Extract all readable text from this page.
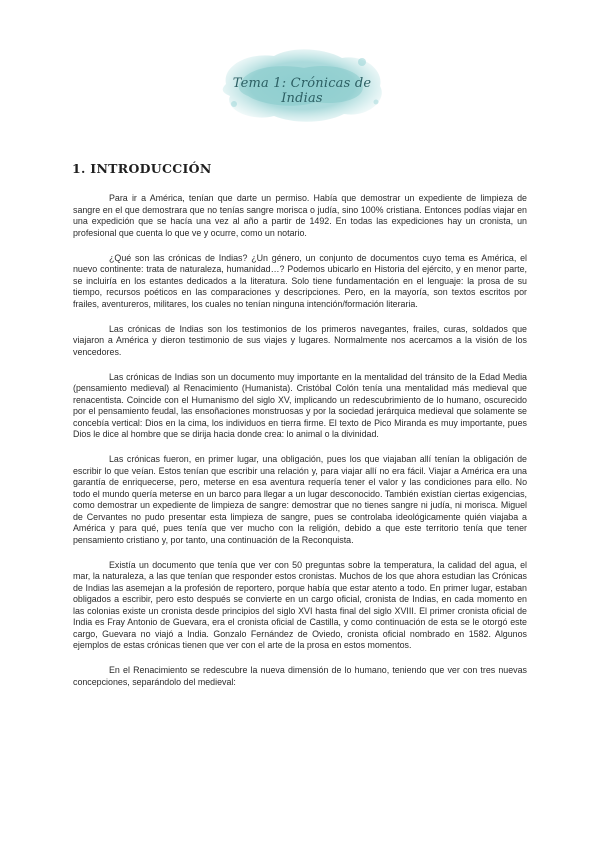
Tema 1: Crónicas de Indias
1. INTRODUCCIÓN

Para ir a América, tenían que darte un permiso. Había que demostrar un expediente de limpieza de sangre en el que demostrara que no tenías sangre morisca o judía, sino 100% cristiana. Entonces podías viajar en una expedición que se hacía una vez al año a partir de 1492. En todas las expediciones hay un cronista, un profesional que cuenta lo que ve y ocurre, como un notario.

¿Qué son las crónicas de Indias? ¿Un género, un conjunto de documentos cuyo tema es América, el nuevo continente: trata de naturaleza, humanidad…? Podemos ubicarlo en Historia del ejército, y en menor parte, se incluiría en los estantes dedicados a la literatura. Solo tiene fundamentación en el lenguaje: la prosa de su tiempo, recursos poéticos en las comparaciones y descripciones. Pero, en la mayoría, son textos escritos por frailes, aventureros, militares, los cuales no tenían ninguna intención/formación literaria.

Las crónicas de Indias son los testimonios de los primeros navegantes, frailes, curas, soldados que viajaron a América y dieron testimonio de sus viajes y lugares. Normalmente nos acercamos a la visión de los vencedores.

Las crónicas de Indias son un documento muy importante en la mentalidad del tránsito de la Edad Media (pensamiento medieval) al Renacimiento (Humanista). Cristóbal Colón tenía una mentalidad más medieval que renacentista. Coincide con el Humanismo del siglo XV, implicando un redescubrimiento de lo humano, oscurecido por el pensamiento feudal, las ensoñaciones monstruosas y por la sociedad jerárquica medieval que solamente se concebía vertical: Dios en la cima, los individuos en tierra firme. El texto de Pico Miranda es muy importante, pues Dios le dice al hombre que se dirija hacia donde crea: lo animal o la divinidad.

Las crónicas fueron, en primer lugar, una obligación, pues los que viajaban allí tenían la obligación de escribir lo que veían. Estos tenían que escribir una relación y, para viajar allí no era fácil. Viajar a América era una garantía de enriquecerse, pero, meterse en esa aventura requería tener el valor y las condiciones para ello. No todo el mundo quería meterse en un barco para llegar a un lugar desconocido. También existían ciertas exigencias, como demostrar un expediente de limpieza de sangre: demostrar que no tienes sangre ni judía, ni morisca. Miguel de Cervantes no pudo presentar esta limpieza de sangre, pues se controlaba ideológicamente quién viajaba a América y para qué, pues tenía que ver mucho con la religión, debido a que este territorio tenía que tener pensamiento cristiano y, por tanto, una continuación de la Reconquista.

Existía un documento que tenía que ver con 50 preguntas sobre la temperatura, la calidad del agua, el mar, la naturaleza, a las que tenían que responder estos cronistas. Muchos de los que ahora estudian las Crónicas de Indias las asemejan a la profesión de reportero, porque había que estar atento a todo. En primer lugar, estaban obligados a escribir, pero esto después se convierte en un cargo oficial, cronista de Indias, en cada momento en las colonias existe un cronista desde principios del siglo XVI hasta final del siglo XVIII. El primer cronista oficial de India es Fray Antonio de Guevara, era el cronista oficial de Castilla, y como continuación de esta se le otorgó este cargo, Guevara no viajó a India. Gonzalo Fernández de Oviedo, cronista oficial nombrado en 1582. Algunos ejemplos de estas crónicas tienen que ver con el arte de la prosa en estos momentos.

En el Renacimiento se redescubre la nueva dimensión de lo humano, teniendo que ver con tres nuevas concepciones, separándolo del medieval:
